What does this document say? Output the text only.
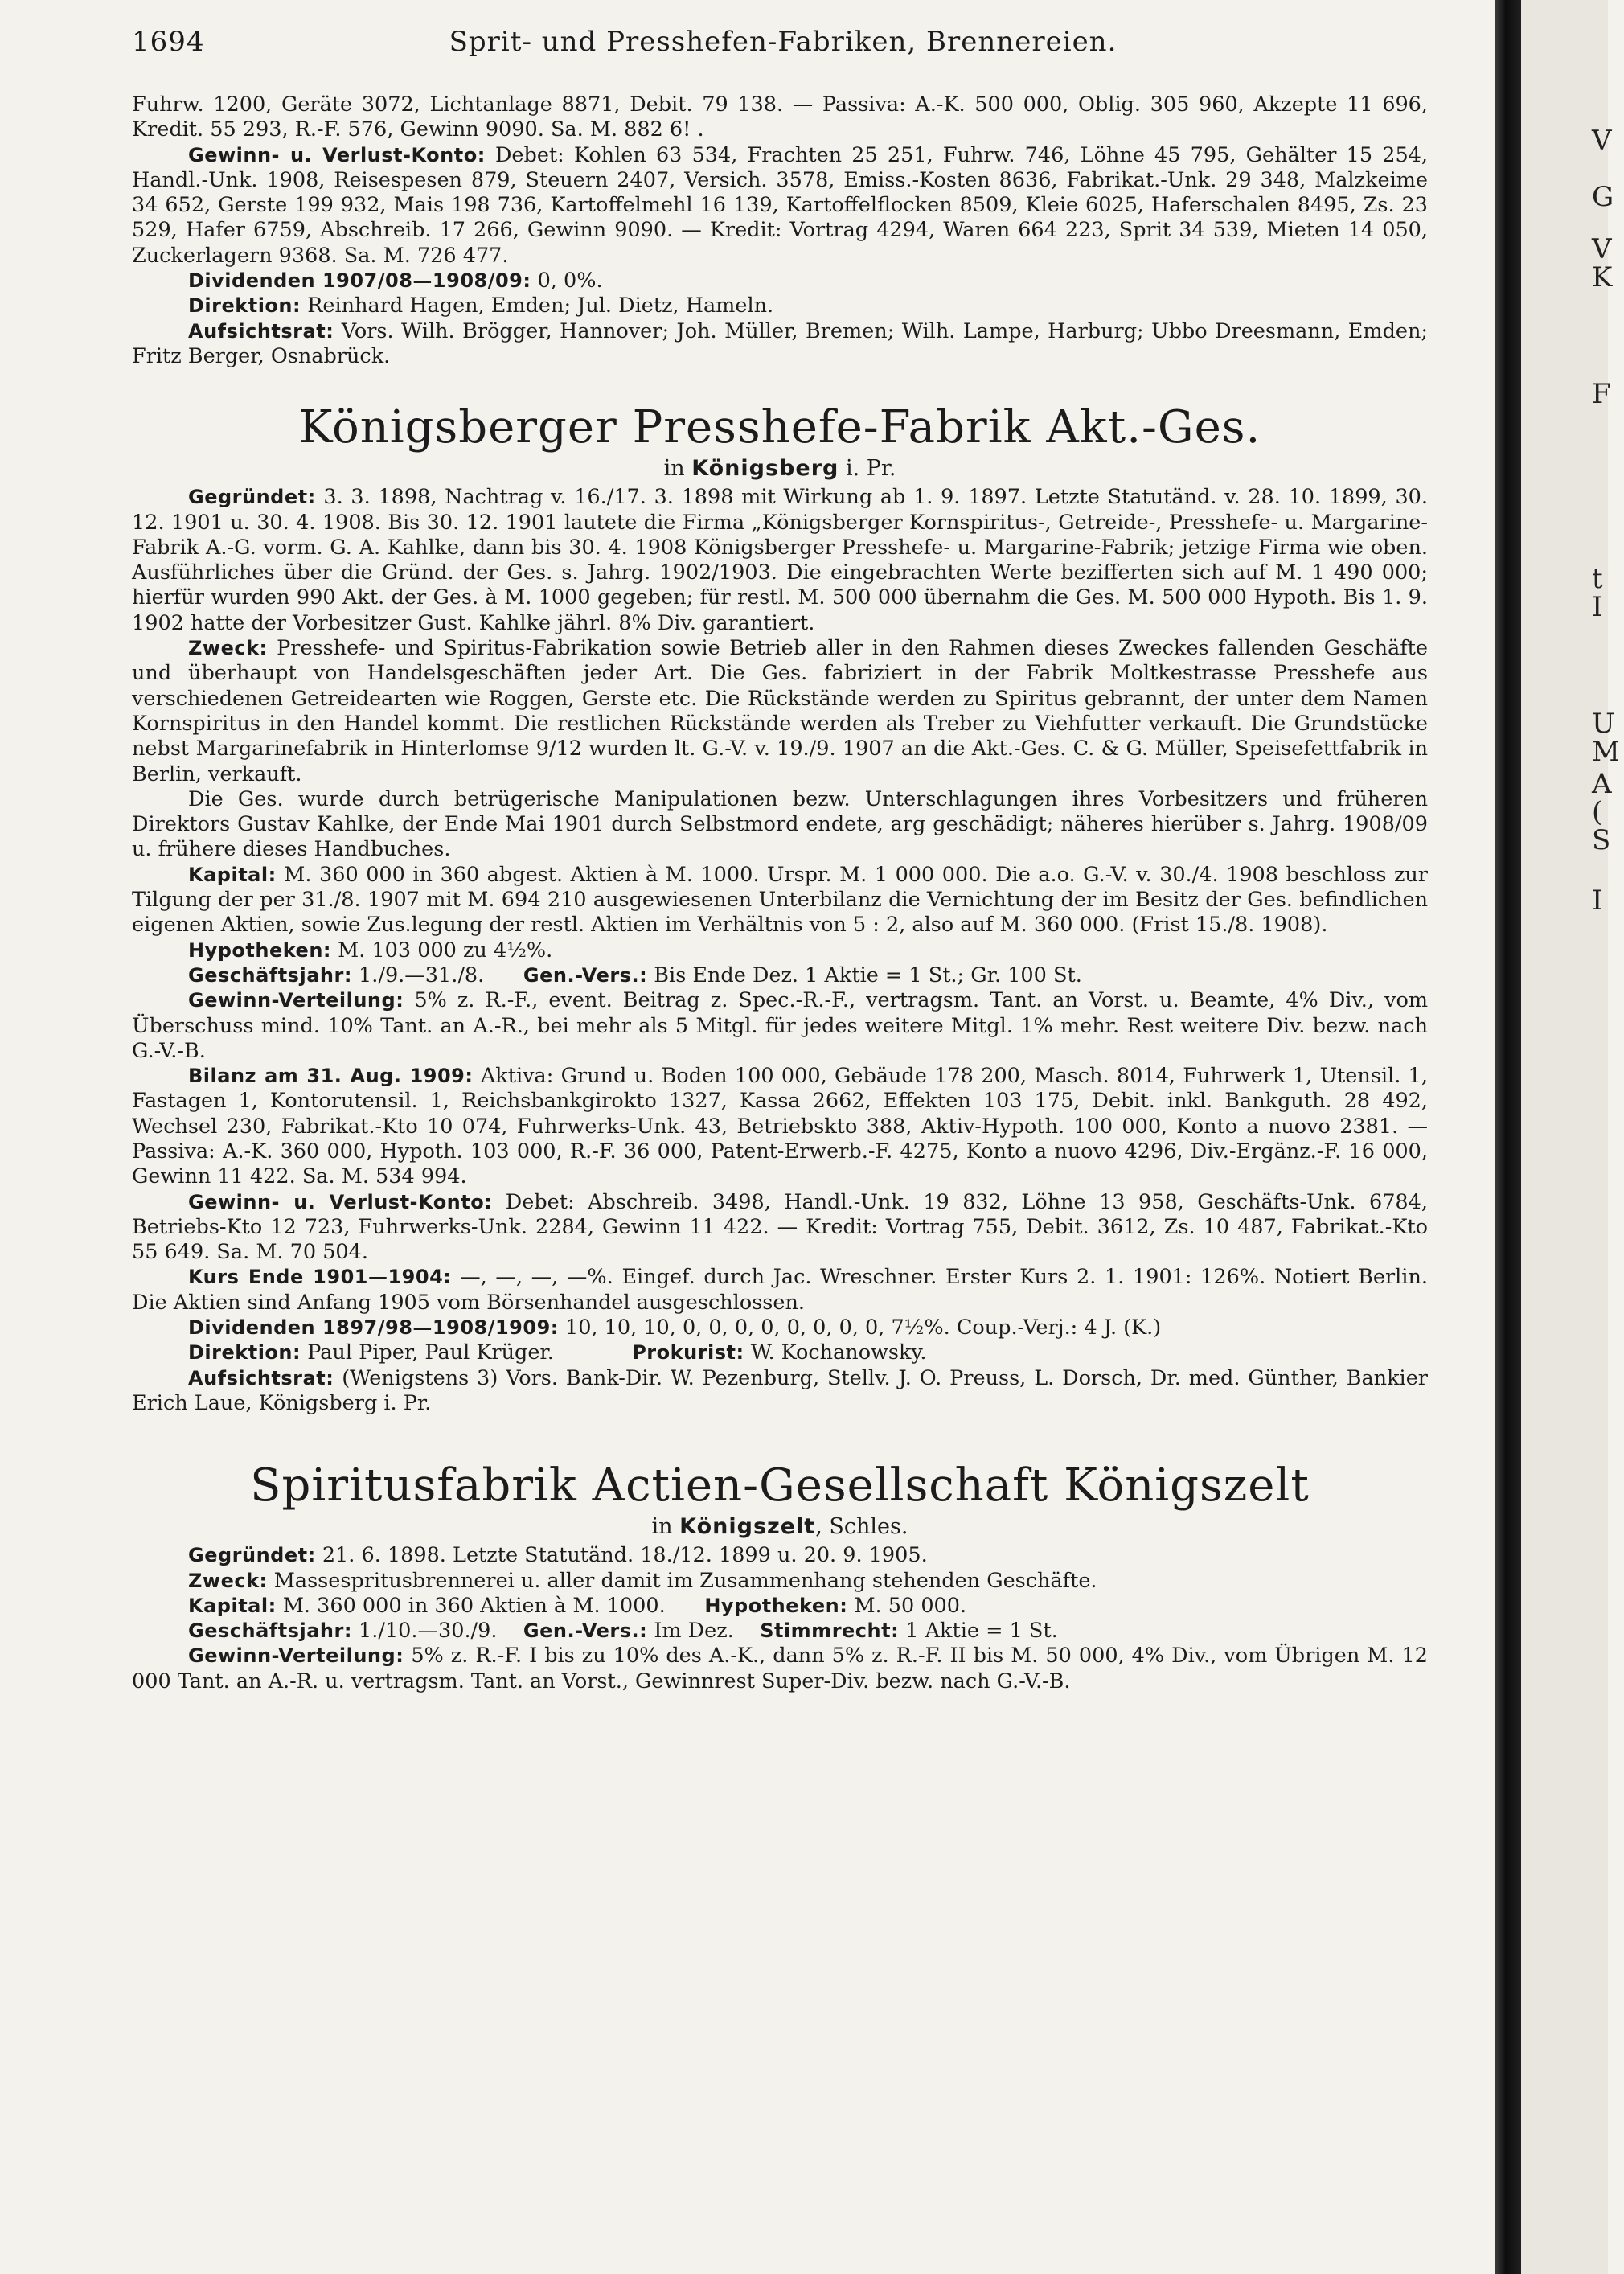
1694	Sprit- und Presshefen-Fabriken, Brennereien.

Fuhrw. 1200, Geräte 3072, Lichtanlage 8871, Debit. 79 138. — Passiva: A.-K. 500 000, Oblig. 305 960, Akzepte 11 696, Kredit. 55 293, R.-F. 576, Gewinn 9090. Sa. M. 882 6! .

Gewinn- u. Verlust-Konto: Debet: Kohlen 63 534, Frachten 25 251, Fuhrw. 746, Löhne 45 795, Gehälter 15 254, Handl.-Unk. 1908, Reisespesen 879, Steuern 2407, Versich. 3578, Emiss.-Kosten 8636, Fabrikat.-Unk. 29 348, Malzkeime 34 652, Gerste 199 932, Mais 198 736, Kartoffelmehl 16 139, Kartoffelflocken 8509, Kleie 6025, Haferschalen 8495, Zs. 23 529, Hafer 6759, Abschreib. 17 266, Gewinn 9090. — Kredit: Vortrag 4294, Waren 664 223, Sprit 34 539, Mieten 14 050, Zuckerlagern 9368. Sa. M. 726 477.

Dividenden 1907/08—1908/09: 0, 0%.

Direktion: Reinhard Hagen, Emden; Jul. Dietz, Hameln.

Aufsichtsrat: Vors. Wilh. Brögger, Hannover; Joh. Müller, Bremen; Wilh. Lampe, Harburg; Ubbo Dreesmann, Emden; Fritz Berger, Osnabrück.

Königsberger Presshefe-Fabrik Akt.-Ges.

in Königsberg i. Pr.

Gegründet: 3. 3. 1898, Nachtrag v. 16./17. 3. 1898 mit Wirkung ab 1. 9. 1897. Letzte Statutänd. v. 28. 10. 1899, 30. 12. 1901 u. 30. 4. 1908. Bis 30. 12. 1901 lautete die Firma „Königsberger Kornspiritus-, Getreide-, Presshefe- u. Margarine-Fabrik A.-G. vorm. G. A. Kahlke, dann bis 30. 4. 1908 Königsberger Presshefe- u. Margarine-Fabrik; jetzige Firma wie oben. Ausführliches über die Gründ. der Ges. s. Jahrg. 1902/1903. Die eingebrachten Werte bezifferten sich auf M. 1 490 000; hierfür wurden 990 Akt. der Ges. à M. 1000 gegeben; für restl. M. 500 000 übernahm die Ges. M. 500 000 Hypoth. Bis 1. 9. 1902 hatte der Vorbesitzer Gust. Kahlke jährl. 8% Div. garantiert.

Zweck: Presshefe- und Spiritus-Fabrikation sowie Betrieb aller in den Rahmen dieses Zweckes fallenden Geschäfte und überhaupt von Handelsgeschäften jeder Art. Die Ges. fabriziert in der Fabrik Moltkestrasse Presshefe aus verschiedenen Getreidearten wie Roggen, Gerste etc. Die Rückstände werden zu Spiritus gebrannt, der unter dem Namen Kornspiritus in den Handel kommt. Die restlichen Rückstände werden als Treber zu Viehfutter verkauft. Die Grundstücke nebst Margarinefabrik in Hinterlomse 9/12 wurden lt. G.-V. v. 19./9. 1907 an die Akt.-Ges. C. & G. Müller, Speisefettfabrik in Berlin, verkauft.

Die Ges. wurde durch betrügerische Manipulationen bezw. Unterschlagungen ihres Vorbesitzers und früheren Direktors Gustav Kahlke, der Ende Mai 1901 durch Selbstmord endete, arg geschädigt; näheres hierüber s. Jahrg. 1908/09 u. frühere dieses Handbuches.

Kapital: M. 360 000 in 360 abgest. Aktien à M. 1000. Urspr. M. 1 000 000. Die a.o. G.-V. v. 30./4. 1908 beschloss zur Tilgung der per 31./8. 1907 mit M. 694 210 ausgewiesenen Unterbilanz die Vernichtung der im Besitz der Ges. befindlichen eigenen Aktien, sowie Zus.legung der restl. Aktien im Verhältnis von 5 : 2, also auf M. 360 000. (Frist 15./8. 1908).

Hypotheken: M. 103 000 zu 4½%.

Geschäftsjahr: 1./9.—31./8. Gen.-Vers.: Bis Ende Dez. 1 Aktie = 1 St.; Gr. 100 St.

Gewinn-Verteilung: 5% z. R.-F., event. Beitrag z. Spec.-R.-F., vertragsm. Tant. an Vorst. u. Beamte, 4% Div., vom Überschuss mind. 10% Tant. an A.-R., bei mehr als 5 Mitgl. für jedes weitere Mitgl. 1% mehr. Rest weitere Div. bezw. nach G.-V.-B.

Bilanz am 31. Aug. 1909: Aktiva: Grund u. Boden 100 000, Gebäude 178 200, Masch. 8014, Fuhrwerk 1, Utensil. 1, Fastagen 1, Kontorutensil. 1, Reichsbankgirokto 1327, Kassa 2662, Effekten 103 175, Debit. inkl. Bankguth. 28 492, Wechsel 230, Fabrikat.-Kto 10 074, Fuhrwerks-Unk. 43, Betriebskto 388, Aktiv-Hypoth. 100 000, Konto a nuovo 2381. — Passiva: A.-K. 360 000, Hypoth. 103 000, R.-F. 36 000, Patent-Erwerb.-F. 4275, Konto a nuovo 4296, Div.-Ergänz.-F. 16 000, Gewinn 11 422. Sa. M. 534 994.

Gewinn- u. Verlust-Konto: Debet: Abschreib. 3498, Handl.-Unk. 19 832, Löhne 13 958, Geschäfts-Unk. 6784, Betriebs-Kto 12 723, Fuhrwerks-Unk. 2284, Gewinn 11 422. — Kredit: Vortrag 755, Debit. 3612, Zs. 10 487, Fabrikat.-Kto 55 649. Sa. M. 70 504.

Kurs Ende 1901—1904: —, —, —, —%. Eingef. durch Jac. Wreschner. Erster Kurs 2. 1. 1901: 126%. Notiert Berlin. Die Aktien sind Anfang 1905 vom Börsenhandel ausgeschlossen.

Dividenden 1897/98—1908/1909: 10, 10, 10, 0, 0, 0, 0, 0, 0, 0, 0, 7½%. Coup.-Verj.: 4 J. (K.)

Direktion: Paul Piper, Paul Krüger.	Prokurist: W. Kochanowsky.

Aufsichtsrat: (Wenigstens 3) Vors. Bank-Dir. W. Pezenburg, Stellv. J. O. Preuss, L. Dorsch, Dr. med. Günther, Bankier Erich Laue, Königsberg i. Pr.

Spiritusfabrik Actien-Gesellschaft Königszelt

in Königszelt, Schles.

Gegründet: 21. 6. 1898. Letzte Statutänd. 18./12. 1899 u. 20. 9. 1905.

Zweck: Massespritusbrennerei u. aller damit im Zusammenhang stehenden Geschäfte.

Kapital: M. 360 000 in 360 Aktien à M. 1000. Hypotheken: M. 50 000.

Geschäftsjahr: 1./10.—30./9. Gen.-Vers.: Im Dez. Stimmrecht: 1 Aktie = 1 St.

Gewinn-Verteilung: 5% z. R.-F. I bis zu 10% des A.-K., dann 5% z. R.-F. II bis M. 50 000, 4% Div., vom Übrigen M. 12 000 Tant. an A.-R. u. vertragsm. Tant. an Vorst., Gewinnrest Super-Div. bezw. nach G.-V.-B.

V
G
V
K
F
t
I
U
M
A
(
S
I
